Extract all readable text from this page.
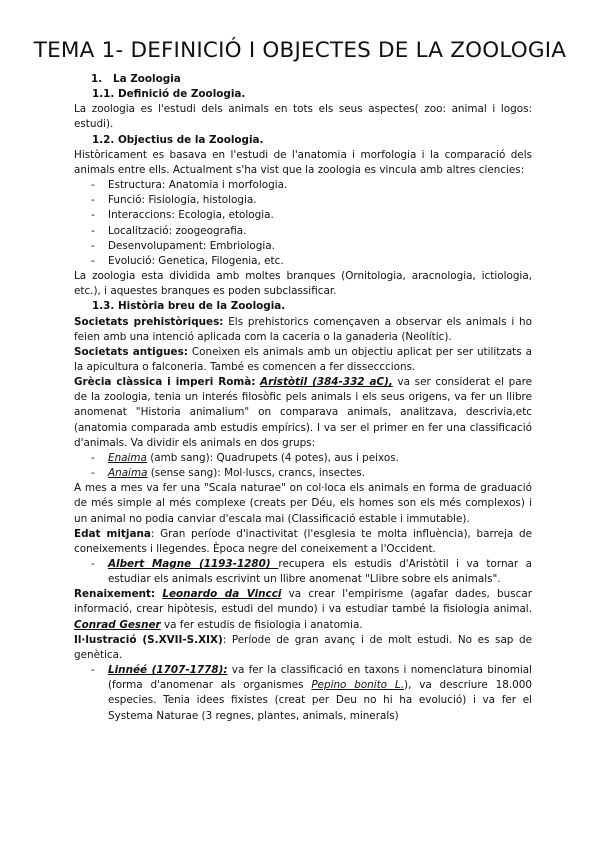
TEMA 1- DEFINICIÓ I OBJECTES DE LA ZOOLOGIA
1. La Zoologia
1.1. Definició de Zoologia.

La zoologia es l'estudi dels animals en tots els seus aspectes( zoo: animal i logos: estudi).

1.2. Objectius de la Zoologia.

Històricament es basava en l'estudi de l'anatomia i morfologia i la comparació dels animals entre ells. Actualment s'ha vist que la zoologia es vincula amb altres ciencies:

- Estructura: Anatomia i morfologia.
- Funció: Fisiologia, histologia.
- Interaccions: Ecologia, etologia.
- Localització: zoogeografia.
- Desenvolupament: Embriologia.
- Evolució: Genetica, Filogenia, etc.

La zoologia esta dividida amb moltes branques (Ornitologia, aracnologia, ictiologia, etc.), i aquestes branques es poden subclassificar.

1.3. Història breu de la Zoologia.

Societats prehistòriques: Els prehistorics començaven a observar els animals i ho feien amb una intenció aplicada com la caceria o la ganaderia (Neolític).

Societats antigues: Coneixen els animals amb un objectiu aplicat per ser utilitzats a la apicultura o falconeria. També es comencen a fer dissecccions.

Grècia clàssica i imperi Romà: Aristòtil (384-332 aC), va ser considerat el pare de la zoologia, tenia un interés filosòfic pels animals i els seus origens, va fer un llibre anomenat "Historia animalium" on comparava animals, analitzava, descrivia,etc (anatomia comparada amb estudis empírics). I va ser el primer en fer una classificació d'animals. Va dividir els animals en dos grups:

- Enaima (amb sang): Quadrupets (4 potes), aus i peixos.
- Anaima (sense sang): Mol·luscs, crancs, insectes.

A mes a mes va fer una "Scala naturae" on col·loca els animals en forma de graduació de més simple al més complexe (creats per Déu, els homes son els més complexos) i un animal no podia canviar d'escala mai (Classificació estable i immutable).

Edat mitjana: Gran període d'inactivitat (l'esglesia te molta influència), barreja de coneixements i llegendes. Època negre del coneixement a l'Occident.

- Albert Magne (1193-1280) recupera els estudis d'Aristòtil i va tornar a estudiar els animals escrivint un llibre anomenat "Llibre sobre els animals".

Renaixement: Leonardo da Vincci va crear l'empirisme (agafar dades, buscar informació, crear hipòtesis, estudi del mundo) i va estudiar també la fisiologia animal. Conrad Gesner va fer estudis de fisiologia i anatomia.

Il·lustració (S.XVII-S.XIX): Període de gran avanç i de molt estudi. No es sap de genètica.

- Linnéé (1707-1778): va fer la classificació en taxons i nomenclatura binomial (forma d'anomenar als organismes Pepino bonito L.), va descriure 18.000 especies. Tenia idees fixistes (creat per Deu no hi ha evolució) i va fer el Systema Naturae (3 regnes, plantes, animals, minerals)
